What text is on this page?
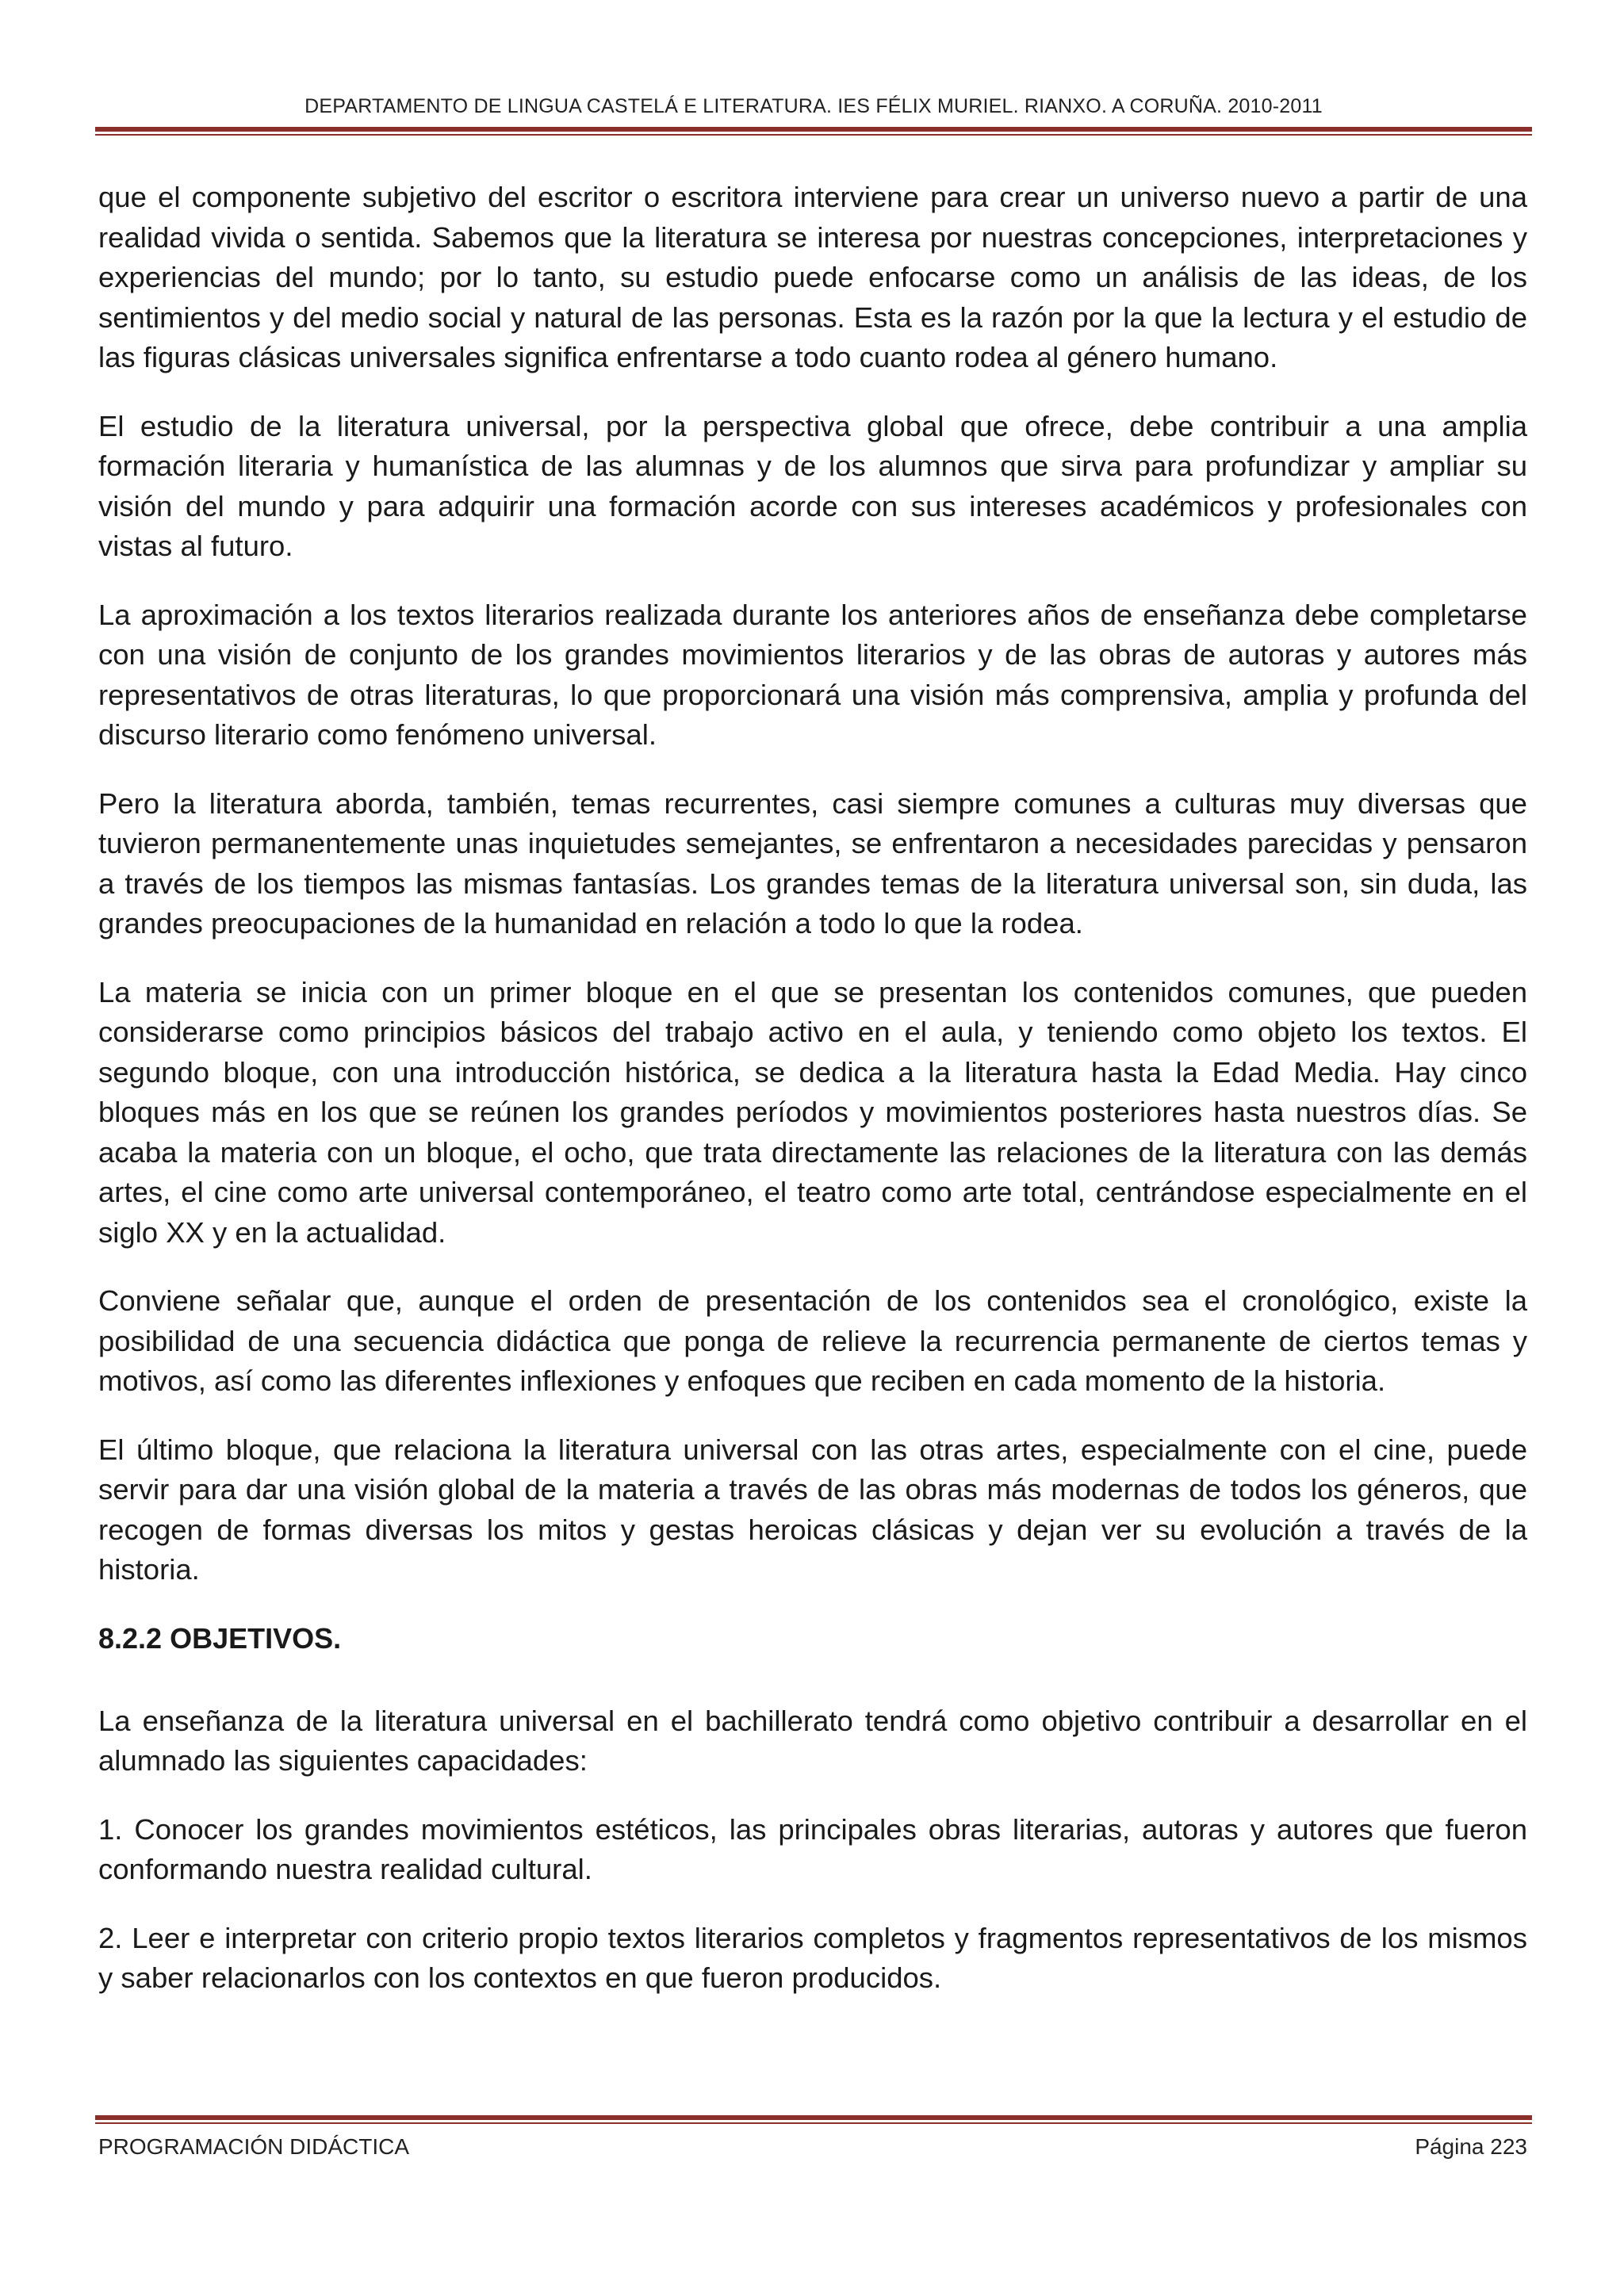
DEPARTAMENTO DE LINGUA CASTELÁ E LITERATURA. IES FÉLIX MURIEL. RIANXO. A CORUÑA. 2010-2011

que el componente subjetivo del escritor o escritora interviene para crear un universo nuevo a partir de una realidad vivida o sentida. Sabemos que la literatura se interesa por nuestras concepciones, interpretaciones y experiencias del mundo; por lo tanto, su estudio puede enfocarse como un análisis de las ideas, de los sentimientos y del medio social y natural de las personas. Esta es la razón por la que la lectura y el estudio de las figuras clásicas universales significa enfrentarse a todo cuanto rodea al género humano.

El estudio de la literatura universal, por la perspectiva global que ofrece, debe contribuir a una amplia formación literaria y humanística de las alumnas y de los alumnos que sirva para profundizar y ampliar su visión del mundo y para adquirir una formación acorde con sus intereses académicos y profesionales con vistas al futuro.

La aproximación a los textos literarios realizada durante los anteriores años de enseñanza debe completarse con una visión de conjunto de los grandes movimientos literarios y de las obras de autoras y autores más representativos de otras literaturas, lo que proporcionará una visión más comprensiva, amplia y profunda del discurso literario como fenómeno universal.

Pero la literatura aborda, también, temas recurrentes, casi siempre comunes a culturas muy diversas que tuvieron permanentemente unas inquietudes semejantes, se enfrentaron a necesidades parecidas y pensaron a través de los tiempos las mismas fantasías. Los grandes temas de la literatura universal son, sin duda, las grandes preocupaciones de la humanidad en relación a todo lo que la rodea.

La materia se inicia con un primer bloque en el que se presentan los contenidos comunes, que pueden considerarse como principios básicos del trabajo activo en el aula, y teniendo como objeto los textos. El segundo bloque, con una introducción histórica, se dedica a la literatura hasta la Edad Media. Hay cinco bloques más en los que se reúnen los grandes períodos y movimientos posteriores hasta nuestros días. Se acaba la materia con un bloque, el ocho, que trata directamente las relaciones de la literatura con las demás artes, el cine como arte universal contemporáneo, el teatro como arte total, centrándose especialmente en el siglo XX y en la actualidad.

Conviene señalar que, aunque el orden de presentación de los contenidos sea el cronológico, existe la posibilidad de una secuencia didáctica que ponga de relieve la recurrencia permanente de ciertos temas y motivos, así como las diferentes inflexiones y enfoques que reciben en cada momento de la historia.

El último bloque, que relaciona la literatura universal con las otras artes, especialmente con el cine, puede servir para dar una visión global de la materia a través de las obras más modernas de todos los géneros, que recogen de formas diversas los mitos y gestas heroicas clásicas y dejan ver su evolución a través de la historia.

8.2.2 OBJETIVOS.

La enseñanza de la literatura universal en el bachillerato tendrá como objetivo contribuir a desarrollar en el alumnado las siguientes capacidades:

1. Conocer los grandes movimientos estéticos, las principales obras literarias, autoras y autores que fueron conformando nuestra realidad cultural.

2. Leer e interpretar con criterio propio textos literarios completos y fragmentos representativos de los mismos y saber relacionarlos con los contextos en que fueron producidos.

PROGRAMACIÓN DIDÁCTICA	Página 223
